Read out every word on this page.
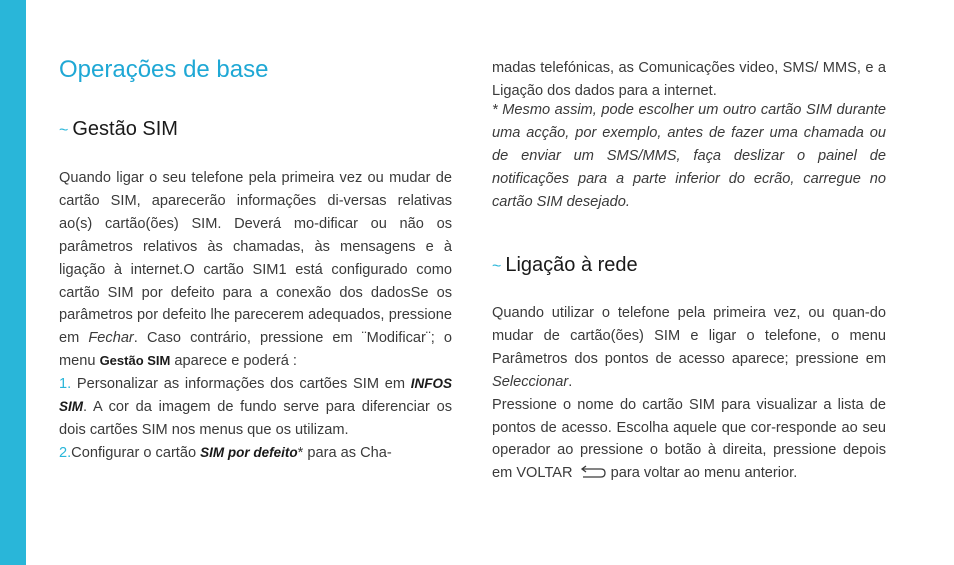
Operações de base
~ Gestão SIM

Quando ligar o seu telefone pela primeira vez ou mudar de cartão SIM, aparecerão informações di-versas relativas ao(s) cartão(ões) SIM. Deverá mo-dificar ou não os parâmetros relativos às chamadas, às mensagens e à ligação à internet.O cartão SIM1 está configurado como cartão SIM por defeito para a conexão dos dadosSe os parâmetros por defeito lhe parecerem adequados, pressione em Fechar. Caso contrário, pressione em ¨Modificar¨; o menu Gestão SIM aparece e poderá :
1. Personalizar as informações dos cartões SIM em INFOS SIM. A cor da imagem de fundo serve para diferenciar os dois cartões SIM nos menus que os utilizam.
2.Configurar o cartão SIM por defeito* para as Cha-

madas telefónicas, as Comunicações video, SMS/ MMS, e a Ligação dos dados para a internet.

* Mesmo assim, pode escolher um outro cartão SIM durante uma acção, por exemplo, antes de fazer uma chamada ou de enviar um SMS/MMS, faça deslizar o painel de notificações para a parte inferior do ecrão, carregue no cartão SIM desejado.

~ Ligação à rede

Quando utilizar o telefone pela primeira vez, ou quan-do mudar de cartão(ões) SIM e ligar o telefone, o menu Parâmetros dos pontos de acesso aparece; pressione em Seleccionar.
Pressione o nome do cartão SIM para visualizar a lista de pontos de acesso. Escolha aquele que cor-responde ao seu operador ao pressione o botão à direita, pressione depois em VOLTAR  para voltar ao menu anterior.
